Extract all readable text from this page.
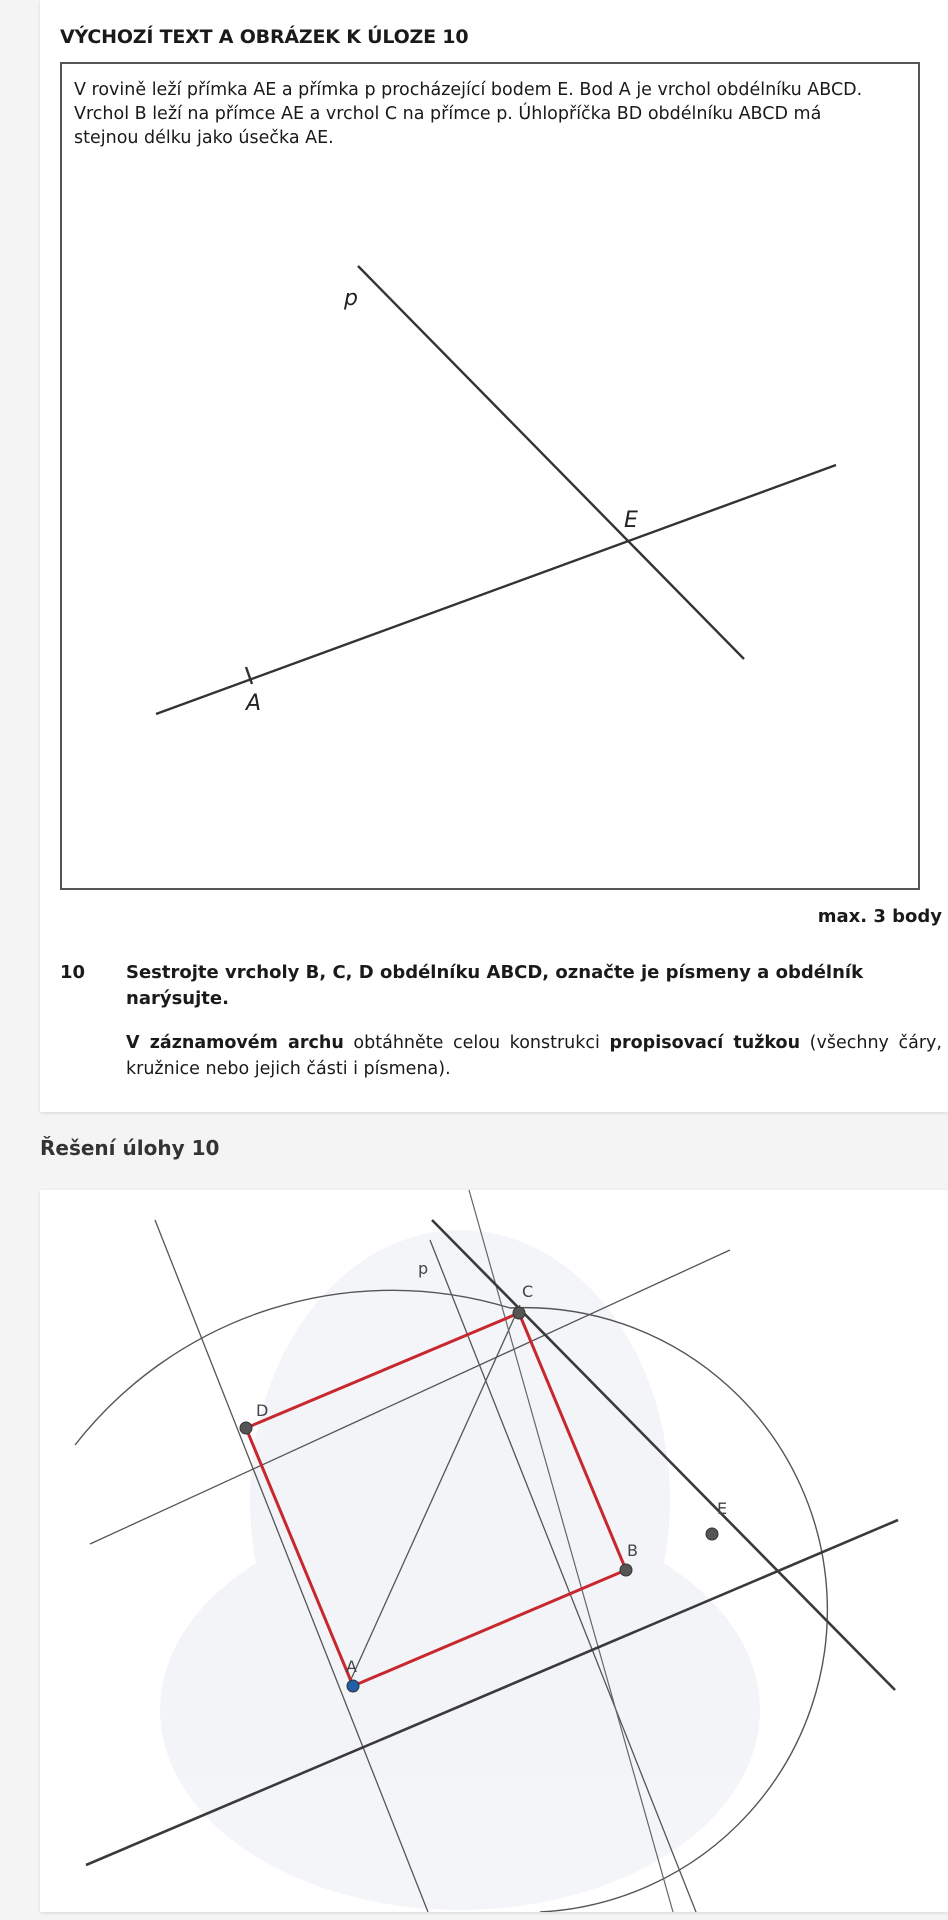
VÝCHOZÍ TEXT A OBRÁZEK K ÚLOZE 10
V rovině leží přímka AE a přímka p procházející bodem E. Bod A je vrchol obdélníku ABCD.
Vrchol B leží na přímce AE a vrchol C na přímce p. Úhlopříčka BD obdélníku ABCD má
stejnou délku jako úsečka AE.
p
E
A
max. 3 body
10 Sestrojte vrcholy B, C, D obdélníku ABCD, označte je písmeny a obdélník narýsujte.
V záznamovém archu obtáhněte celou konstrukci propisovací tužkou (všechny čáry, kružnice nebo jejich části i písmena).
Řešení úlohy 10
p
A
B
C
D
E
